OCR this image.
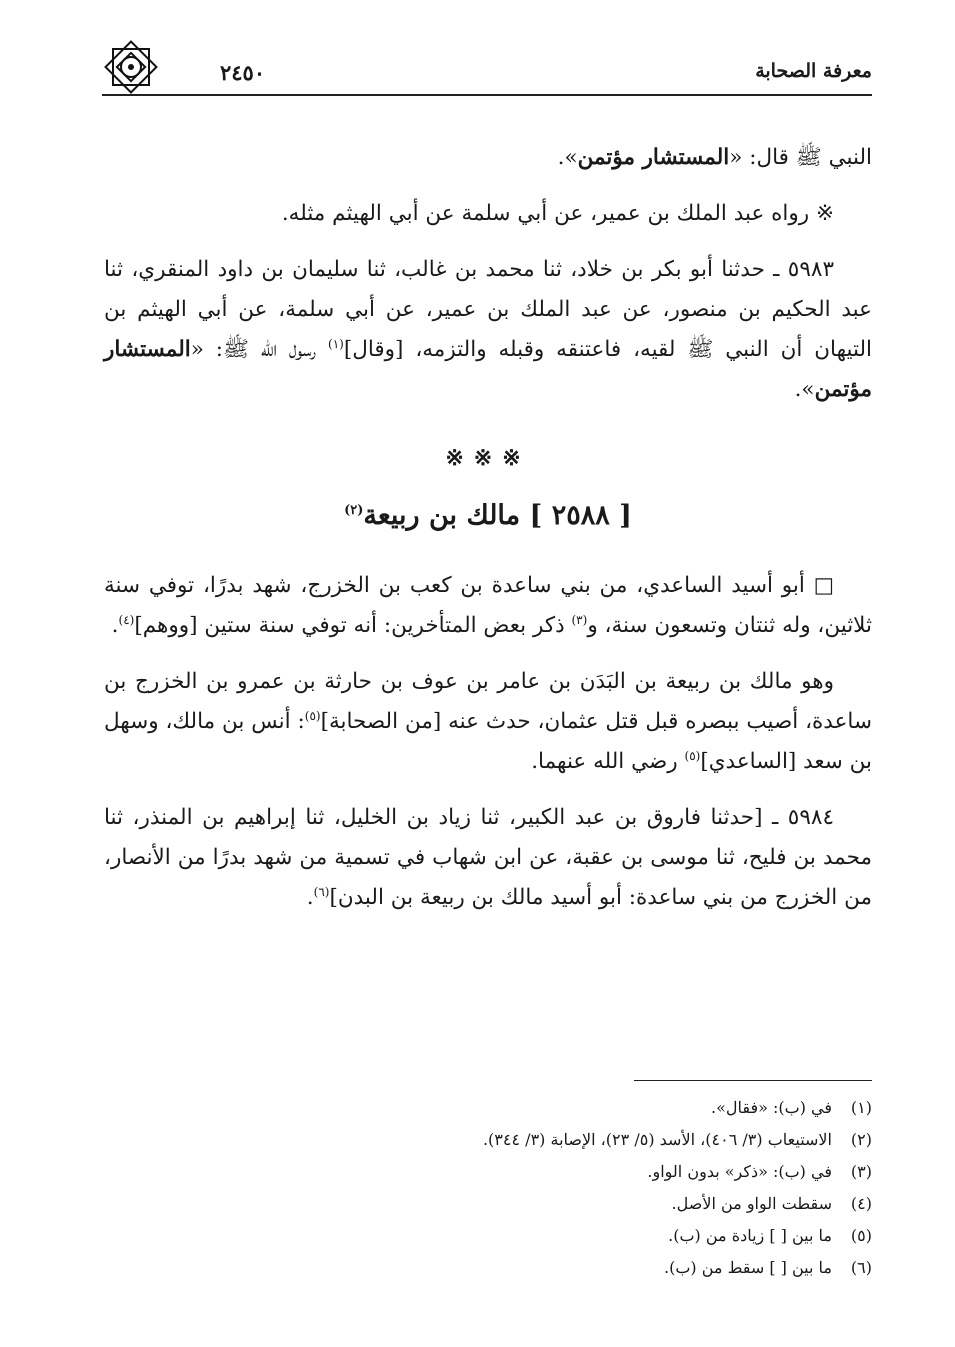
معرفة الصحابة
٢٤٥٠

النبي ﷺ قال: «المستشار مؤتمن».

※ رواه عبد الملك بن عمير، عن أبي سلمة عن أبي الهيثم مثله.

٥٩٨٣ ـ حدثنا أبو بكر بن خلاد، ثنا محمد بن غالب، ثنا سليمان بن داود المنقري، ثنا عبد الحكيم بن منصور، عن عبد الملك بن عمير، عن أبي سلمة، عن أبي الهيثم بن التيهان أن النبي ﷺ لقيه، فاعتنقه وقبله والتزمه، [وقال]$^{(١)}$ رسول الله ﷺ: «المستشار مؤتمن».

※※※

[ ٢٥٨٨ ] مالك بن ربيعة$^{(٢)}$

□ أبو أسيد الساعدي، من بني ساعدة بن كعب بن الخزرج، شهد بدرًا، توفي سنة ثلاثين، وله ثنتان وتسعون سنة، و$^{(٣)}$ ذكر بعض المتأخرين: أنه توفي سنة ستين [ووهم]$^{(٤)}$.

وهو مالك بن ربيعة بن البَدَن بن عامر بن عوف بن حارثة بن عمرو بن الخزرج بن ساعدة، أصيب ببصره قبل قتل عثمان، حدث عنه [من الصحابة]$^{(٥)}$: أنس بن مالك، وسهل بن سعد [الساعدي]$^{(٥)}$ رضي الله عنهما.

٥٩٨٤ ـ [حدثنا فاروق بن عبد الكبير، ثنا زياد بن الخليل، ثنا إبراهيم بن المنذر، ثنا محمد بن فليح، ثنا موسى بن عقبة، عن ابن شهاب في تسمية من شهد بدرًا من الأنصار، من الخزرج من بني ساعدة: أبو أسيد مالك بن ربيعة بن البدن]$^{(٦)}$.

(١)في (ب): «فقال».
(٢)الاستيعاب (٣/ ٤٠٦)، الأسد (٥/ ٢٣)، الإصابة (٣/ ٣٤٤).
(٣)في (ب): «ذكر» بدون الواو.
(٤)سقطت الواو من الأصل.
(٥)ما بين [ ] زيادة من (ب).
(٦)ما بين [ ] سقط من (ب).
